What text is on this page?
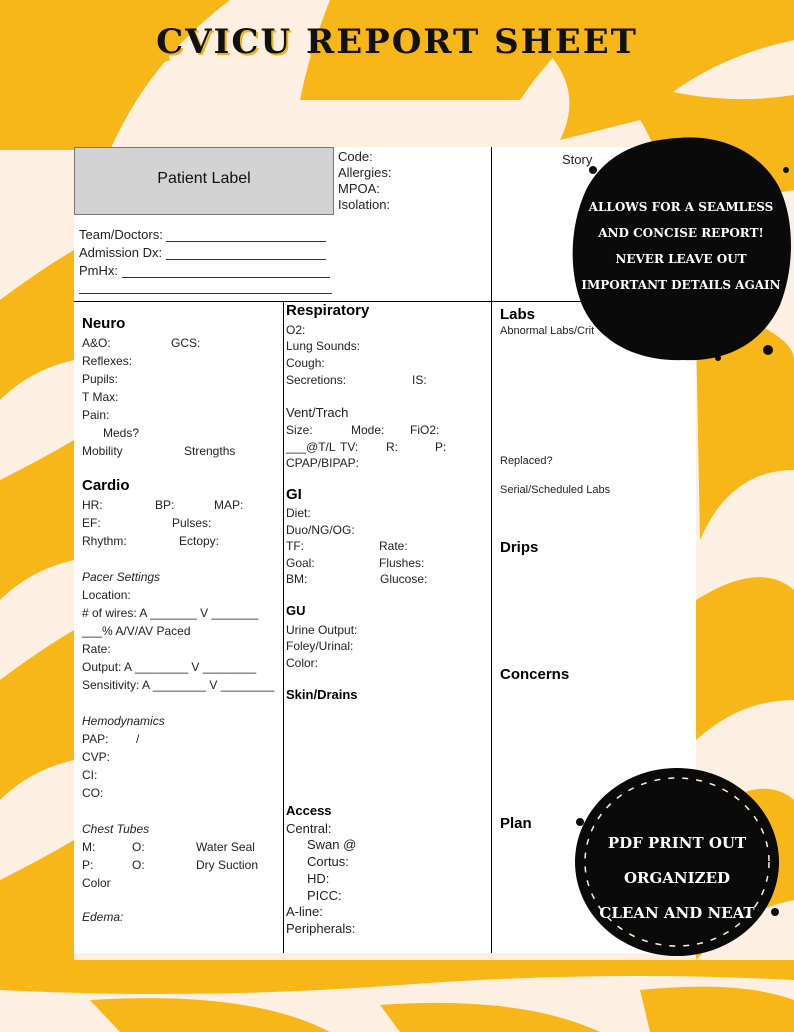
CVICU REPORT SHEET
Patient Label
Code:
Allergies:
MPOA:
Isolation:
Story
Team/Doctors:
Admission Dx:
PmHx:
Neuro
A&O:	GCS:
Reflexes:
Pupils:
T Max:
Pain:
Meds?
Mobility	Strengths
Cardio
HR:	BP:	MAP:
EF:	Pulses:
Rhythm:	Ectopy:
Pacer Settings
Location:
# of wires: A _______ V _______
___% A/V/AV Paced
Rate:
Output: A ________ V ________
Sensitivity: A ________ V ________
Hemodynamics
PAP: /
CVP:
CI:
CO:
Chest Tubes
M:	O:	Water Seal
P:	O:	Dry Suction
Color
Edema:
Respiratory
O2:
Lung Sounds:
Cough:
Secretions:	IS:
Vent/Trach
Size:	Mode: FiO2:
___@T/L TV: R:	P:
CPAP/BIPAP:
GI
Diet:
Duo/NG/OG:
TF:	Rate:
Goal:	Flushes:
BM:	Glucose:
GU
Urine Output:
Foley/Urinal:
Color:
Skin/Drains
Access
Central:
Swan @
Cortus:
HD:
PICC:
A-line:
Peripherals:
Labs
Abnormal Labs/Crit
Replaced?
Serial/Scheduled Labs
Drips
Concerns
Plan
ALLOWS FOR A SEAMLESS
AND CONCISE REPORT!
NEVER LEAVE OUT
IMPORTANT DETAILS AGAIN
PDF PRINT OUT
ORGANIZED
CLEAN AND NEAT
